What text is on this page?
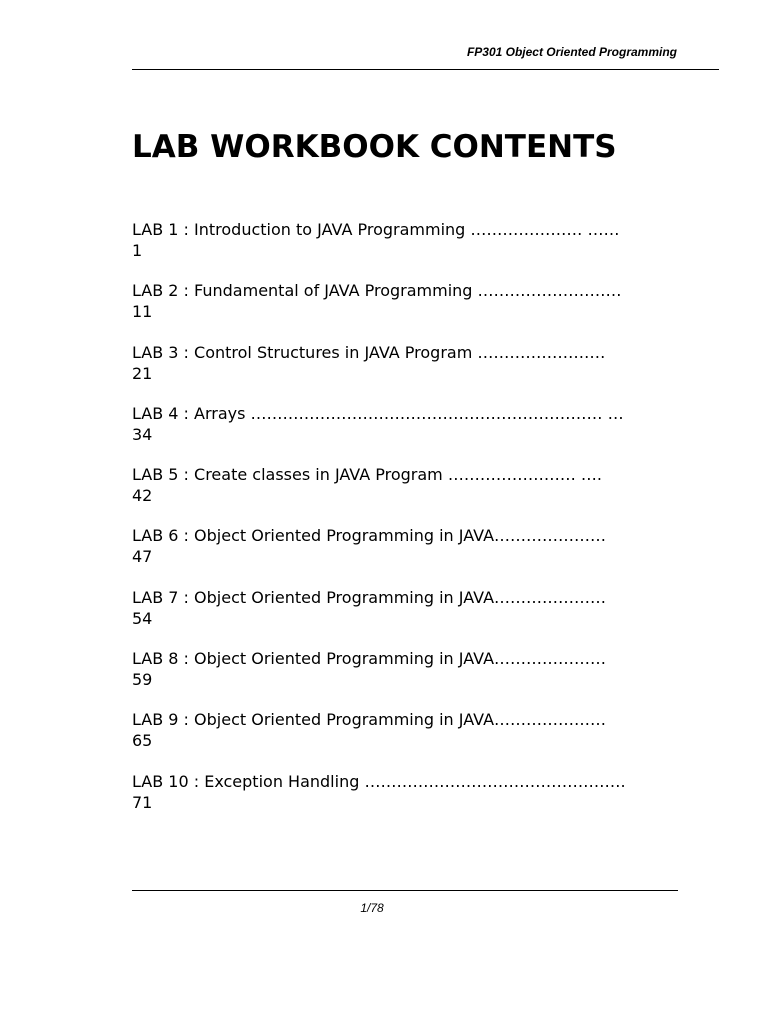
FP301 Object Oriented Programming
LAB WORKBOOK CONTENTS
LAB 1 : Introduction to JAVA Programming ………………… ……
1
LAB 2 : Fundamental of JAVA Programming ………………………
11
LAB 3 : Control Structures in JAVA Program ……………………
21
LAB 4 : Arrays ………………………………………………………… …
34
LAB 5 : Create classes in JAVA Program …………………… ….
42
LAB 6 : Object Oriented Programming in JAVA…………………
47
LAB 7 : Object Oriented Programming in JAVA…………………
54
LAB 8 : Object Oriented Programming in JAVA…………………
59
LAB 9 : Object Oriented Programming in JAVA…………………
65
LAB 10 : Exception Handling ………………………………………….
71
1/78
